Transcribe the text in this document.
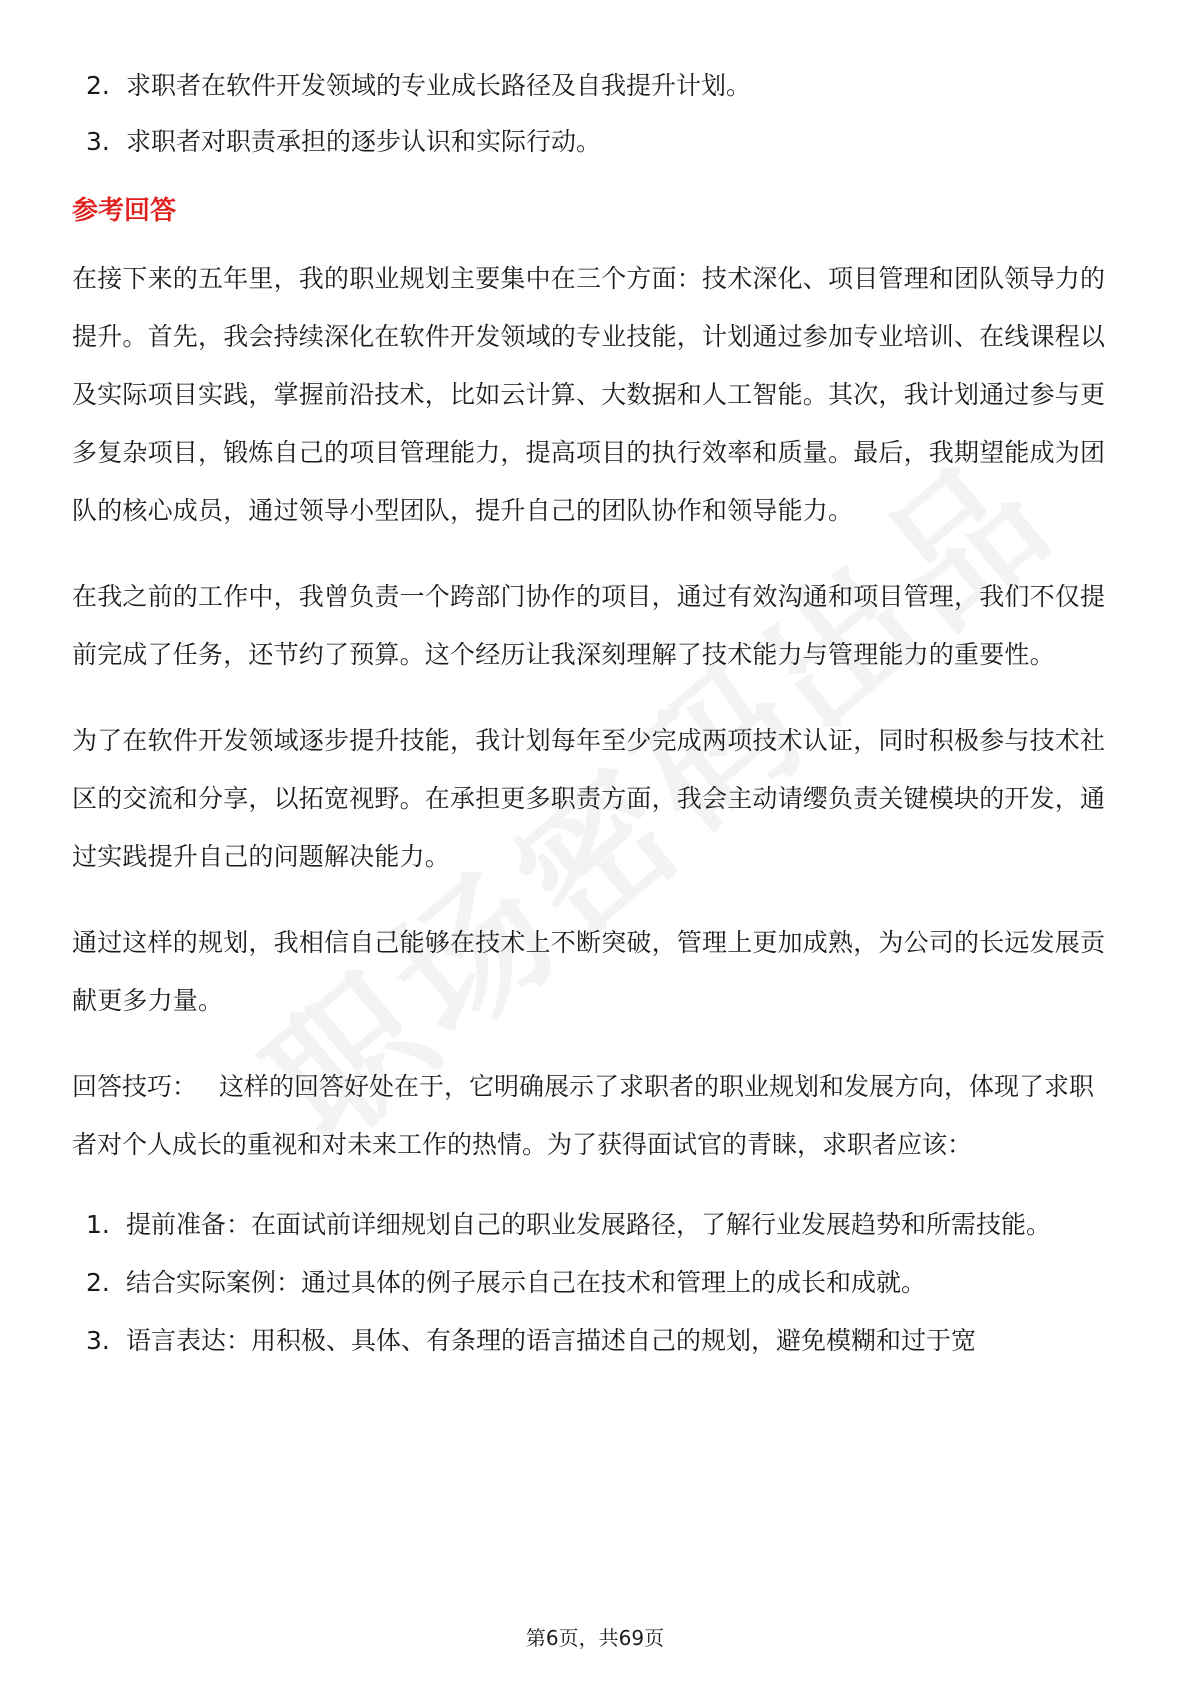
2. 求职者在软件开发领域的专业成长路径及自我提升计划。
3. 求职者对职责承担的逐步认识和实际行动。
参考回答

在接下来的五年里，我的职业规划主要集中在三个方面：技术深化、项目管理和团队领导力的提升。首先，我会持续深化在软件开发领域的专业技能，计划通过参加专业培训、在线课程以及实际项目实践，掌握前沿技术，比如云计算、大数据和人工智能。其次，我计划通过参与更多复杂项目，锻炼自己的项目管理能力，提高项目的执行效率和质量。最后，我期望能成为团队的核心成员，通过领导小型团队，提升自己的团队协作和领导能力。

在我之前的工作中，我曾负责一个跨部门协作的项目，通过有效沟通和项目管理，我们不仅提前完成了任务，还节约了预算。这个经历让我深刻理解了技术能力与管理能力的重要性。

为了在软件开发领域逐步提升技能，我计划每年至少完成两项技术认证，同时积极参与技术社区的交流和分享，以拓宽视野。在承担更多职责方面，我会主动请缨负责关键模块的开发，通过实践提升自己的问题解决能力。

通过这样的规划，我相信自己能够在技术上不断突破，管理上更加成熟，为公司的长远发展贡献更多力量。

回答技巧： 这样的回答好处在于，它明确展示了求职者的职业规划和发展方向，体现了求职者对个人成长的重视和对未来工作的热情。为了获得面试官的青睐，求职者应该：

1. 提前准备：在面试前详细规划自己的职业发展路径，了解行业发展趋势和所需技能。
2. 结合实际案例：通过具体的例子展示自己在技术和管理上的成长和成就。
3. 语言表达：用积极、具体、有条理的语言描述自己的规划，避免模糊和过于宽
第6页，共69页
